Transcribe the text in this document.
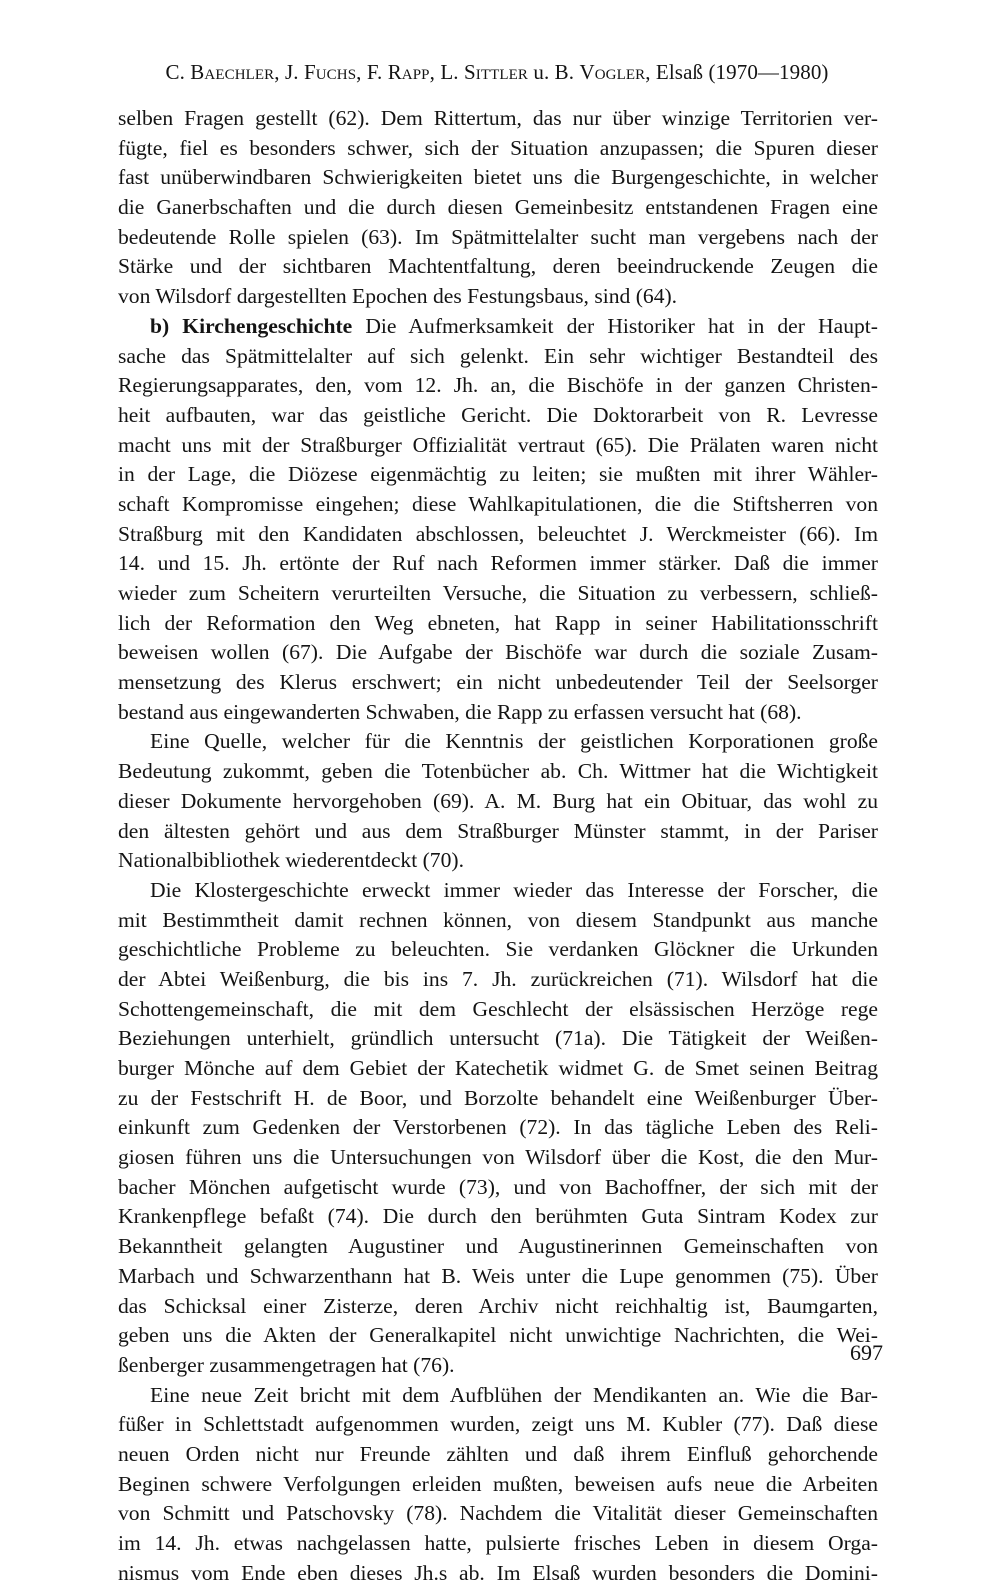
C. Baechler, J. Fuchs, F. Rapp, L. Sittler u. B. Vogler, Elsaß (1970—1980)
selben Fragen gestellt (62). Dem Rittertum, das nur über winzige Territorien ver-
fügte, fiel es besonders schwer, sich der Situation anzupassen; die Spuren dieser
fast unüberwindbaren Schwierigkeiten bietet uns die Burgengeschichte, in welcher
die Ganerbschaften und die durch diesen Gemeinbesitz entstandenen Fragen eine
bedeutende Rolle spielen (63). Im Spätmittelalter sucht man vergebens nach der
Stärke und der sichtbaren Machtentfaltung, deren beeindruckende Zeugen die
von Wilsdorf dargestellten Epochen des Festungsbaus, sind (64).
b) Kirchengeschichte Die Aufmerksamkeit der Historiker hat in der Haupt-
sache das Spätmittelalter auf sich gelenkt. Ein sehr wichtiger Bestandteil des
Regierungsapparates, den, vom 12. Jh. an, die Bischöfe in der ganzen Christen-
heit aufbauten, war das geistliche Gericht. Die Doktorarbeit von R. Levresse
macht uns mit der Straßburger Offizialität vertraut (65). Die Prälaten waren nicht
in der Lage, die Diözese eigenmächtig zu leiten; sie mußten mit ihrer Wähler-
schaft Kompromisse eingehen; diese Wahlkapitulationen, die die Stiftsherren von
Straßburg mit den Kandidaten abschlossen, beleuchtet J. Werckmeister (66). Im
14. und 15. Jh. ertönte der Ruf nach Reformen immer stärker. Daß die immer
wieder zum Scheitern verurteilten Versuche, die Situation zu verbessern, schließ-
lich der Reformation den Weg ebneten, hat Rapp in seiner Habilitationsschrift
beweisen wollen (67). Die Aufgabe der Bischöfe war durch die soziale Zusam-
mensetzung des Klerus erschwert; ein nicht unbedeutender Teil der Seelsorger
bestand aus eingewanderten Schwaben, die Rapp zu erfassen versucht hat (68).
Eine Quelle, welcher für die Kenntnis der geistlichen Korporationen große
Bedeutung zukommt, geben die Totenbücher ab. Ch. Wittmer hat die Wichtigkeit
dieser Dokumente hervorgehoben (69). A. M. Burg hat ein Obituar, das wohl zu
den ältesten gehört und aus dem Straßburger Münster stammt, in der Pariser
Nationalbibliothek wiederentdeckt (70).
Die Klostergeschichte erweckt immer wieder das Interesse der Forscher, die
mit Bestimmtheit damit rechnen können, von diesem Standpunkt aus manche
geschichtliche Probleme zu beleuchten. Sie verdanken Glöckner die Urkunden
der Abtei Weißenburg, die bis ins 7. Jh. zurückreichen (71). Wilsdorf hat die
Schottengemeinschaft, die mit dem Geschlecht der elsässischen Herzöge rege
Beziehungen unterhielt, gründlich untersucht (71a). Die Tätigkeit der Weißen-
burger Mönche auf dem Gebiet der Katechetik widmet G. de Smet seinen Beitrag
zu der Festschrift H. de Boor, und Borzolte behandelt eine Weißenburger Über-
einkunft zum Gedenken der Verstorbenen (72). In das tägliche Leben des Reli-
giosen führen uns die Untersuchungen von Wilsdorf über die Kost, die den Mur-
bacher Mönchen aufgetischt wurde (73), und von Bachoffner, der sich mit der
Krankenpflege befaßt (74). Die durch den berühmten Guta Sintram Kodex zur
Bekanntheit gelangten Augustiner und Augustinerinnen Gemeinschaften von
Marbach und Schwarzenthann hat B. Weis unter die Lupe genommen (75). Über
das Schicksal einer Zisterze, deren Archiv nicht reichhaltig ist, Baumgarten,
geben uns die Akten der Generalkapitel nicht unwichtige Nachrichten, die Wei-
ßenberger zusammengetragen hat (76).
Eine neue Zeit bricht mit dem Aufblühen der Mendikanten an. Wie die Bar-
füßer in Schlettstadt aufgenommen wurden, zeigt uns M. Kubler (77). Daß diese
neuen Orden nicht nur Freunde zählten und daß ihrem Einfluß gehorchende
Beginen schwere Verfolgungen erleiden mußten, beweisen aufs neue die Arbeiten
von Schmitt und Patschovsky (78). Nachdem die Vitalität dieser Gemeinschaften
im 14. Jh. etwas nachgelassen hatte, pulsierte frisches Leben in diesem Orga-
nismus vom Ende eben dieses Jh.s ab. Im Elsaß wurden besonders die Domini-
697
